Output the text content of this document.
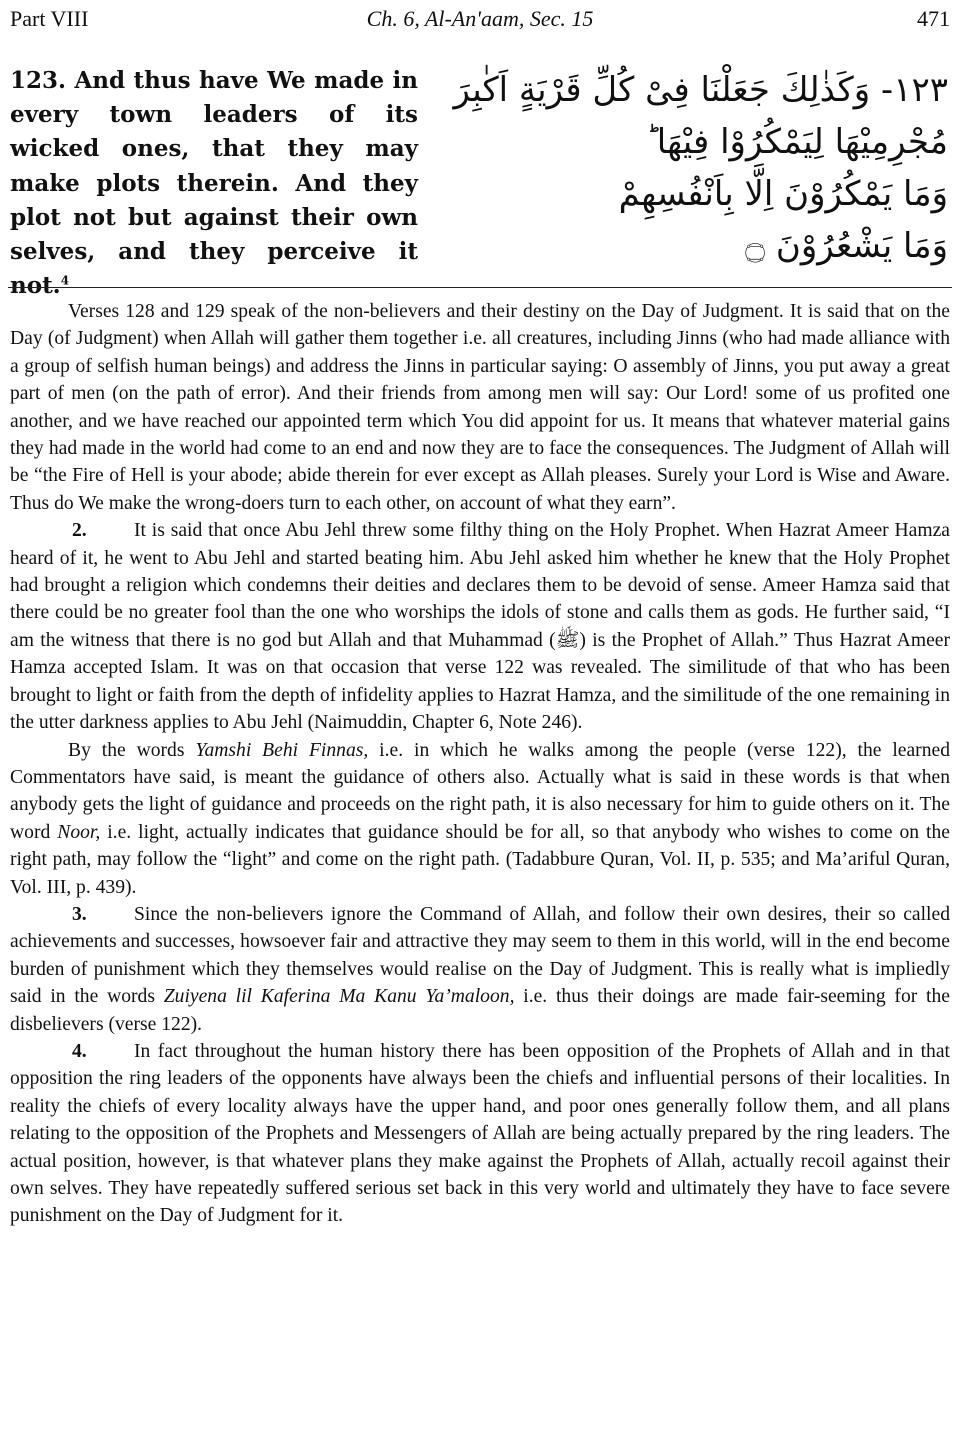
Ch. 6, Al-An'aam, Sec. 15
Part VIII	471

123. And thus have We made in every town leaders of its wicked ones, that they may make plots therein. And they plot not but against their own selves, and they perceive it not.$^4$

١٢٣- وَكَذٰلِكَ جَعَلْنَا فِىْ كُلِّ قَرْيَةٍ اَكٰبِرَ
مُجْرِمِيْهَا لِيَمْكُرُوْا فِيْهَا ؕ
وَمَا يَمْكُرُوْنَ اِلَّا بِاَنْفُسِهِمْ
وَمَا يَشْعُرُوْنَ ۝

Verses 128 and 129 speak of the non-believers and their destiny on the Day of Judgment. It is said that on the Day (of Judgment) when Allah will gather them together i.e. all creatures, including Jinns (who had made alliance with a group of selfish human beings) and address the Jinns in particular saying: O assembly of Jinns, you put away a great part of men (on the path of error). And their friends from among men will say: Our Lord! some of us profited one another, and we have reached our appointed term which You did appoint for us. It means that whatever material gains they had made in the world had come to an end and now they are to face the consequences. The Judgment of Allah will be “the Fire of Hell is your abode; abide therein for ever except as Allah pleases. Surely your Lord is Wise and Aware. Thus do We make the wrong-doers turn to each other, on account of what they earn”.

2. It is said that once Abu Jehl threw some filthy thing on the Holy Prophet. When Hazrat Ameer Hamza heard of it, he went to Abu Jehl and started beating him. Abu Jehl asked him whether he knew that the Holy Prophet had brought a religion which condemns their deities and declares them to be devoid of sense. Ameer Hamza said that there could be no greater fool than the one who worships the idols of stone and calls them as gods. He further said, “I am the witness that there is no god but Allah and that Muhammad (ﷺ) is the Prophet of Allah.” Thus Hazrat Ameer Hamza accepted Islam. It was on that occasion that verse 122 was revealed. The similitude of that who has been brought to light or faith from the depth of infidelity applies to Hazrat Hamza, and the similitude of the one remaining in the utter darkness applies to Abu Jehl (Naimuddin, Chapter 6, Note 246).

By the words Yamshi Behi Finnas, i.e. in which he walks among the people (verse 122), the learned Commentators have said, is meant the guidance of others also. Actually what is said in these words is that when anybody gets the light of guidance and proceeds on the right path, it is also necessary for him to guide others on it. The word Noor, i.e. light, actually indicates that guidance should be for all, so that anybody who wishes to come on the right path, may follow the “light” and come on the right path. (Tadabbure Quran, Vol. II, p. 535; and Ma’ariful Quran, Vol. III, p. 439).

3. Since the non-believers ignore the Command of Allah, and follow their own desires, their so called achievements and successes, howsoever fair and attractive they may seem to them in this world, will in the end become burden of punishment which they themselves would realise on the Day of Judgment. This is really what is impliedly said in the words Zuiyena lil Kaferina Ma Kanu Ya’maloon, i.e. thus their doings are made fair-seeming for the disbelievers (verse 122).

4. In fact throughout the human history there has been opposition of the Prophets of Allah and in that opposition the ring leaders of the opponents have always been the chiefs and influential persons of their localities. In reality the chiefs of every locality always have the upper hand, and poor ones generally follow them, and all plans relating to the opposition of the Prophets and Messengers of Allah are being actually prepared by the ring leaders. The actual position, however, is that whatever plans they make against the Prophets of Allah, actually recoil against their own selves. They have repeatedly suffered serious set back in this very world and ultimately they have to face severe punishment on the Day of Judgment for it.
